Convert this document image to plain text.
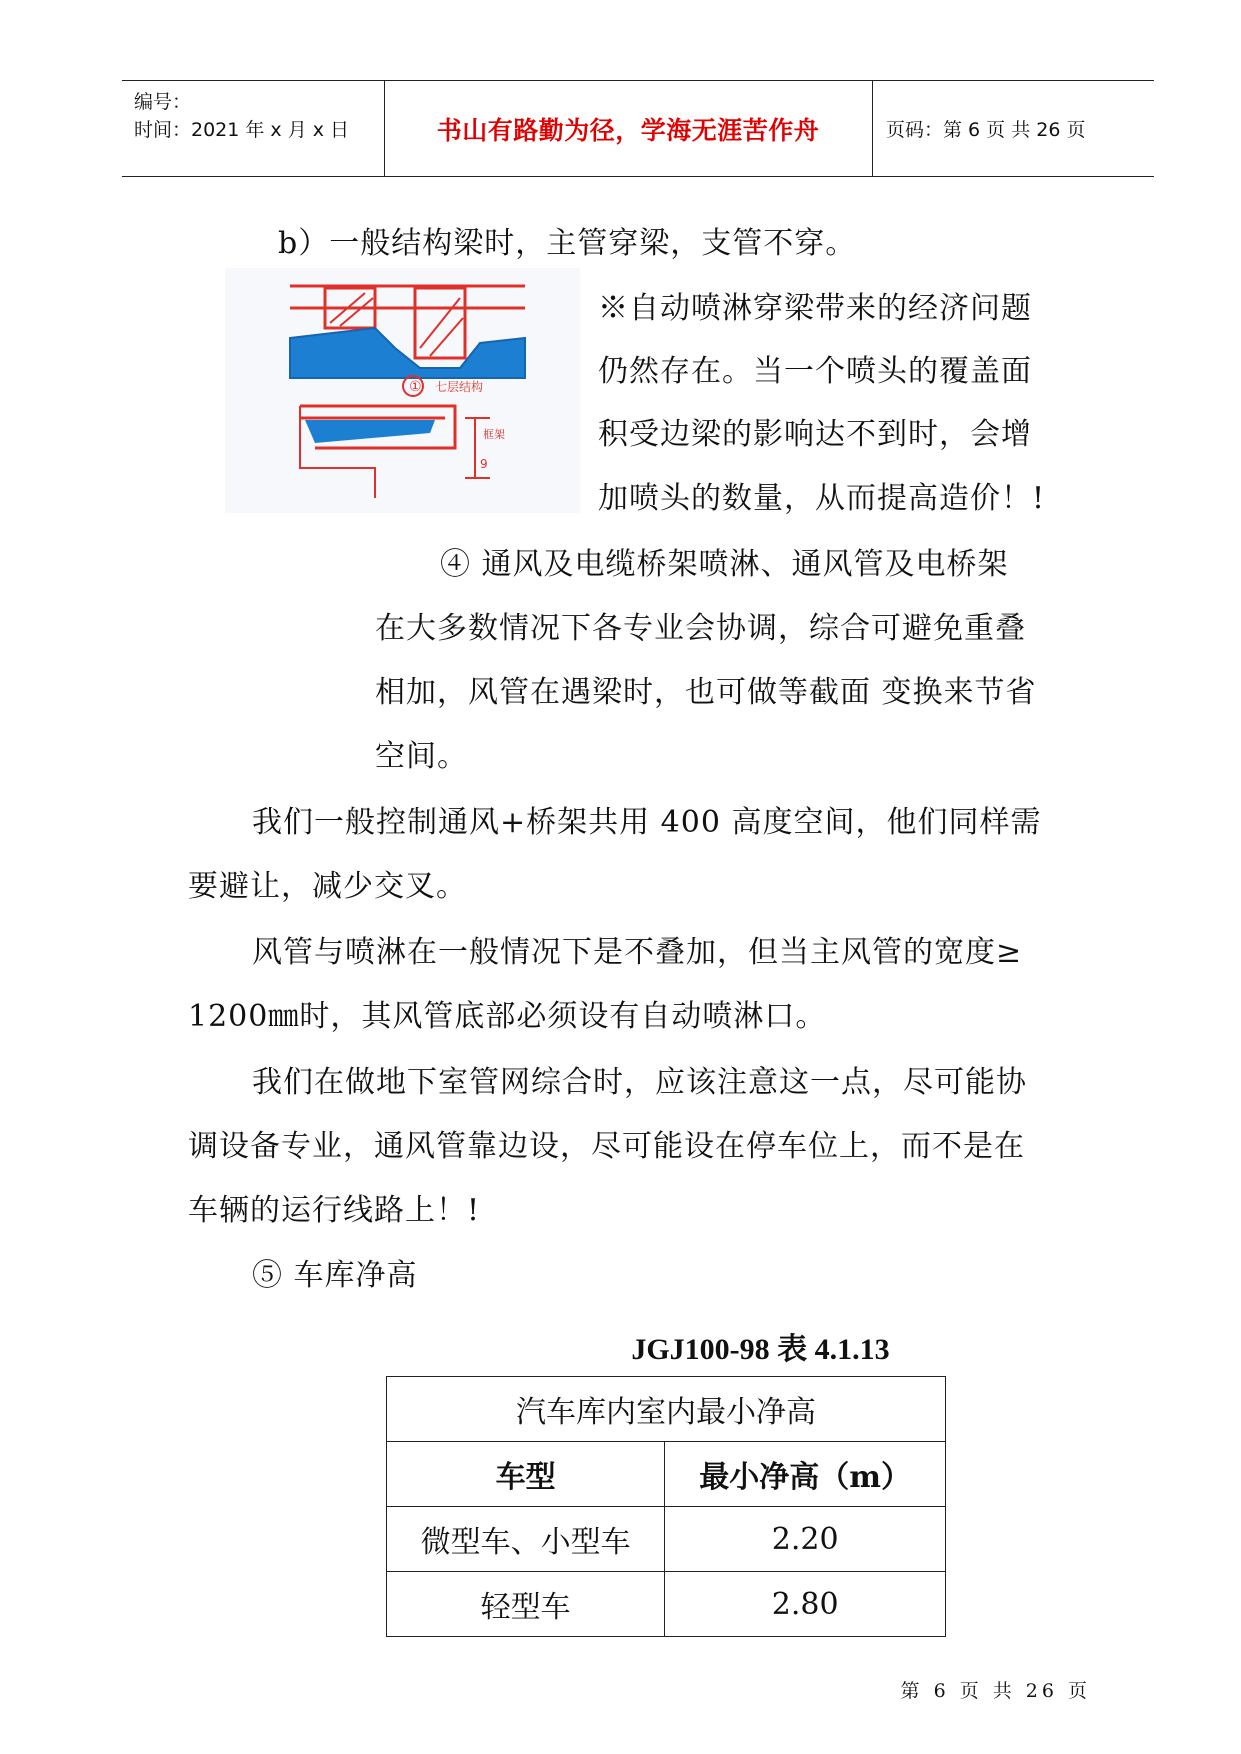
编号：
时间：2021 年 x 月 x 日	书山有路勤为径，学海无涯苦作舟	页码：第 6 页 共 26 页
b）一般结构梁时，主管穿梁，支管不穿。
① 七层结构
框架
9
※自动喷淋穿梁带来的经济问题
仍然存在。当一个喷头的覆盖面
积受边梁的影响达不到时，会增
加喷头的数量，从而提高造价！!
④ 通风及电缆桥架喷淋、通风管及电桥架
在大多数情况下各专业会协调，综合可避免重叠
相加，风管在遇梁时，也可做等截面 变换来节省
空间。
我们一般控制通风+桥架共用 400 高度空间，他们同样需
要避让，减少交叉。
风管与喷淋在一般情况下是不叠加，但当主风管的宽度≥
1200㎜时，其风管底部必须设有自动喷淋口。
我们在做地下室管网综合时，应该注意这一点，尽可能协
调设备专业，通风管靠边设，尽可能设在停车位上，而不是在
车辆的运行线路上！!
⑤ 车库净高
JGJ100-98 表 4.1.13
汽车库内室内最小净高	
车型	最小净高（m）
微型车、小型车	2.20
轻型车	2.80
第 6 页 共 26 页
